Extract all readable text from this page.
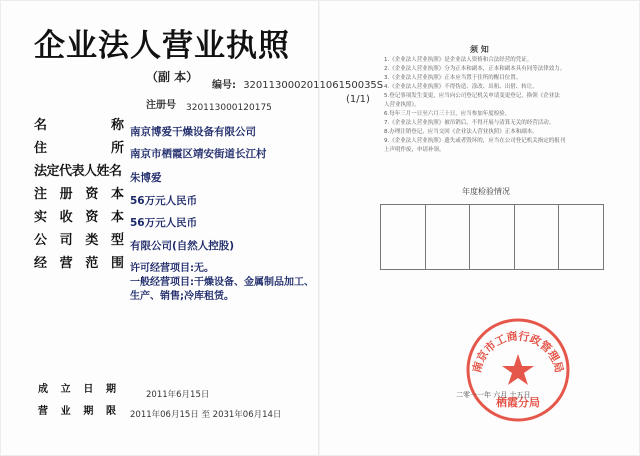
企业法人营业执照
（副 本）
编号: 320113000201106150035S
注册号
(1/1)
320113000120175
名	称
住	所
法定代表人姓名
注 册 资 本
实 收 资 本
公 司 类 型
经 营 范 围
南京博爱干燥设备有限公司
南京市栖霞区靖安街道长江村
朱博爱
56万元人民币
56万元人民币
有限公司(自然人控股)
许可经营项目:无。
一般经营项目:干燥设备、金属制品加工、生产、销售;冷库租赁。
成 立 日 期
营 业 期 限
2011年6月15日
2011年06月15日 至 2031年06月14日
须 知
1.《企业法人营业执照》是企业法人资格和合法经营的凭证。
2.《企业法人营业执照》分为正本和副本，正本和副本具有同等法律效力。
3.《企业法人营业执照》正本应当置于住所的醒目位置。
4.《企业法人营业执照》不得伪造、涂改、出租、出借、转让。
5.登记事项发生变更，应当向公司登记机关申请变更登记，换领《企业法
人营业执照》。
6.每年三月一日至六月三十日，应当参加年度检验。
7.《企业法人营业执照》被吊销后，不得开展与清算无关的经营活动。
8.办理注销登记，应当交回《企业法人营业执照》正本和副本。
9.《企业法人营业执照》遗失或者毁坏的，应当在公司登记机关指定的报刊
上声明作废，申请补领。
年度检验情况
南京市工商行政管理局
栖霞分局
二零一一年 六月 十五日
